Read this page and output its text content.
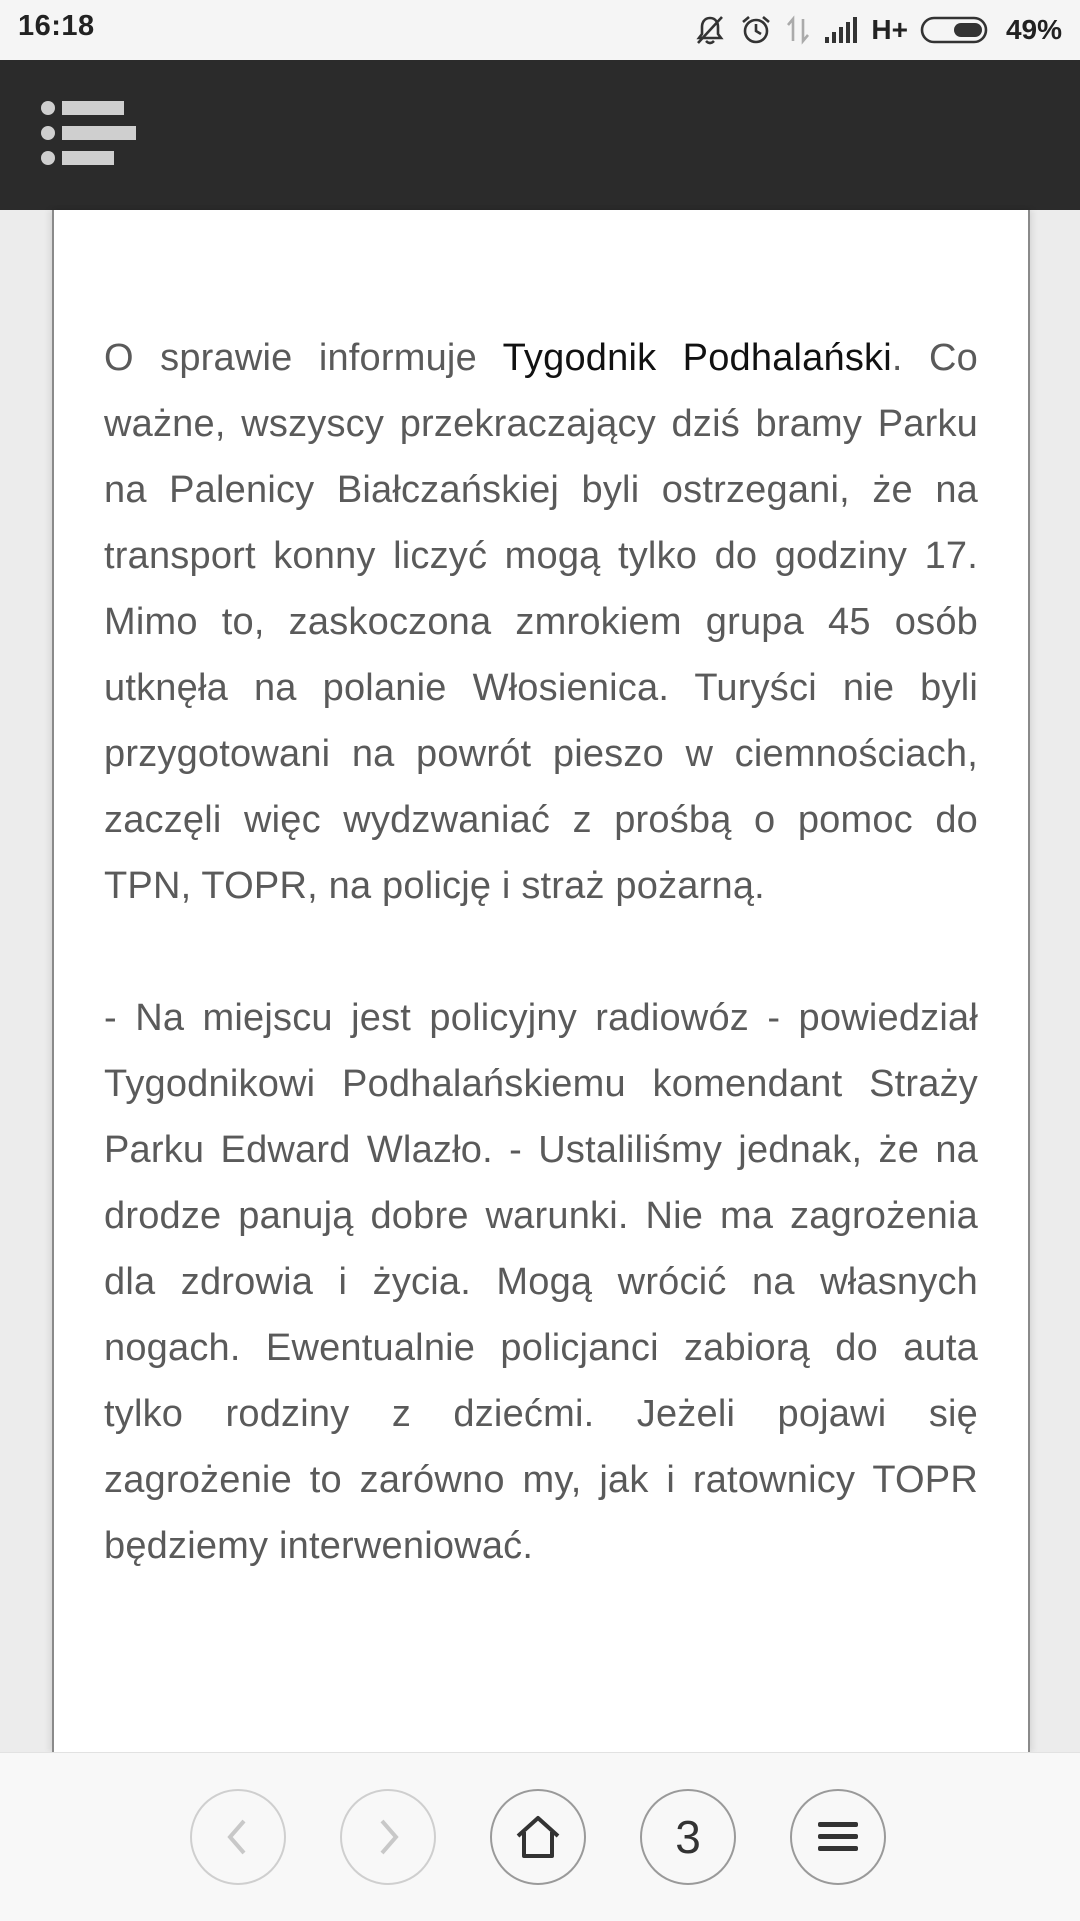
16:18	H+	49%

O sprawie informuje Tygodnik Podhalański. Co ważne, wszyscy przekraczający dziś bramy Parku na Palenicy Białczańskiej byli ostrzegani, że na transport konny liczyć mogą tylko do godziny 17. Mimo to, zaskoczona zmrokiem grupa 45 osób utknęła na polanie Włosienica. Turyści nie byli przygotowani na powrót pieszo w ciemnościach, zaczęli więc wydzwaniać z prośbą o pomoc do TPN, TOPR, na policję i straż pożarną.

- Na miejscu jest policyjny radiowóz - powiedział Tygodnikowi Podhalańskiemu komendant Straży Parku Edward Wlazło. - Ustaliliśmy jednak, że na drodze panują dobre warunki. Nie ma zagrożenia dla zdrowia i życia. Mogą wrócić na własnych nogach. Ewentualnie policjanci zabiorą do auta tylko rodziny z dziećmi. Jeżeli pojawi się zagrożenie to zarówno my, jak i ratownicy TOPR będziemy interweniować.

3
